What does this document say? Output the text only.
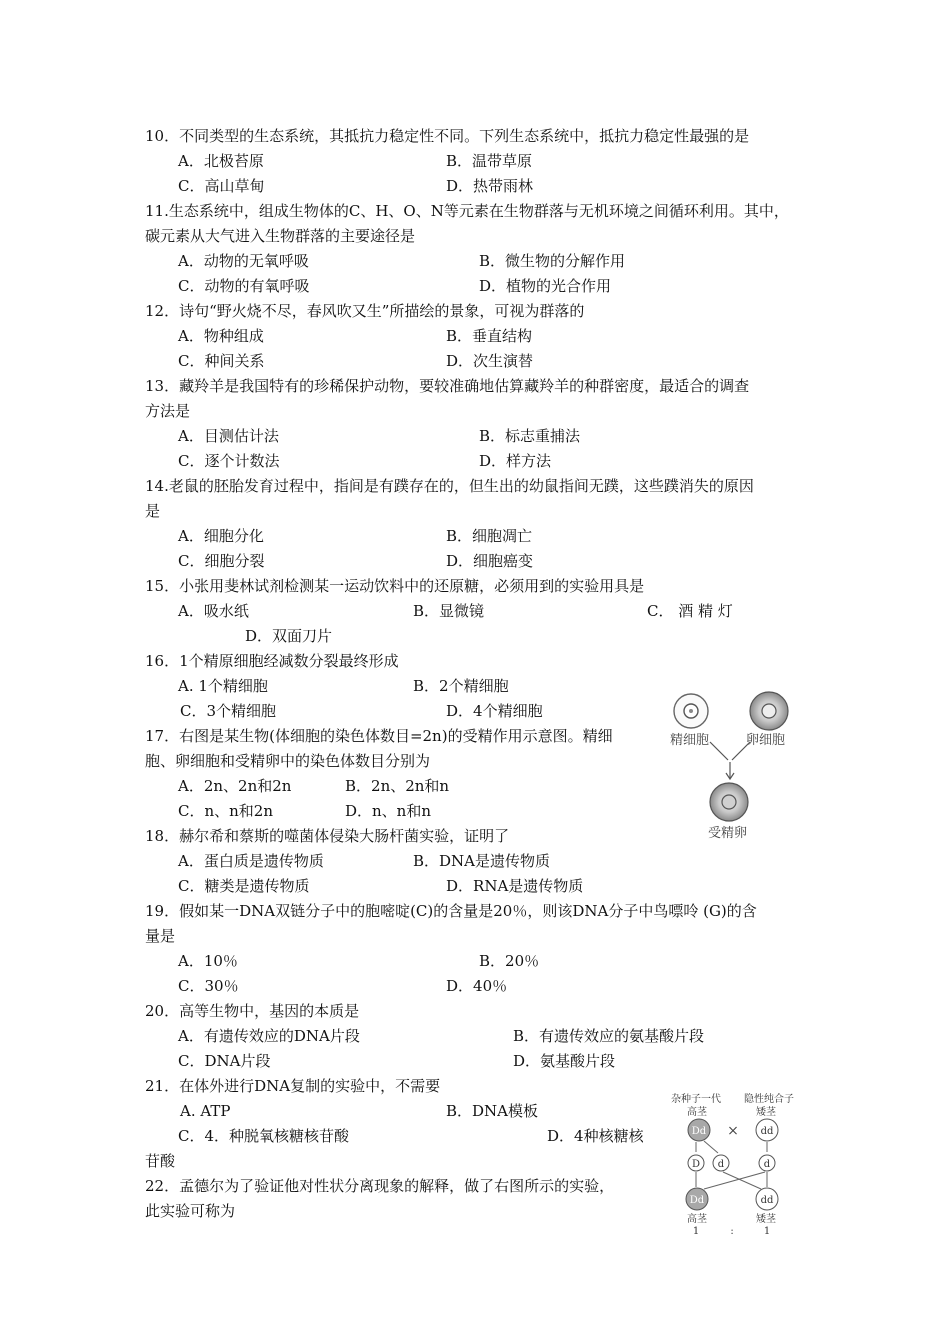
10．不同类型的生态系统，其抵抗力稳定性不同。下列生态系统中，抵抗力稳定性最强的是
A．北极苔原	B．温带草原
C．高山草甸	D．热带雨林
11.生态系统中，组成生物体的C、H、O、N等元素在生物群落与无机环境之间循环利用。其中，
碳元素从大气进入生物群落的主要途径是
A．动物的无氧呼吸	B．微生物的分解作用
C．动物的有氧呼吸	D．植物的光合作用
12．诗句“野火烧不尽，春风吹又生”所描绘的景象，可视为群落的
A．物种组成	B．垂直结构
C．种间关系	D．次生演替
13．藏羚羊是我国特有的珍稀保护动物，要较准确地估算藏羚羊的种群密度，最适合的调查
方法是
A．目测估计法	B．标志重捕法
C．逐个计数法	D．样方法
14.老鼠的胚胎发育过程中，指间是有蹼存在的，但生出的幼鼠指间无蹼，这些蹼消失的原因
是
A．细胞分化	B．细胞凋亡
C．细胞分裂	D．细胞癌变
15．小张用斐林试剂检测某一运动饮料中的还原糖，必须用到的实验用具是
A．吸水纸	B．显微镜	C． 酒 精 灯
D．双面刀片
16．1个精原细胞经减数分裂最终形成
A. 1个精细胞	B．2个精细胞
C．3个精细胞	D．4个精细胞
17．右图是某生物(体细胞的染色体数目=2n)的受精作用示意图。精细
胞、卵细胞和受精卵中的染色体数目分别为
A．2n、2n和2n	B．2n、2n和n
C．n、n和2n	D．n、n和n
18．赫尔希和蔡斯的噬菌体侵染大肠杆菌实验，证明了
A．蛋白质是遗传物质	B．DNA是遗传物质
C．糖类是遗传物质	D．RNA是遗传物质
19．假如某一DNA双链分子中的胞嘧啶(C)的含量是20％，则该DNA分子中鸟嘌呤 (G)的含
量是
A．10％	B．20％
C．30％	D．40％
20．高等生物中，基因的本质是
A．有遗传效应的DNA片段	B．有遗传效应的氨基酸片段
C．DNA片段	D．氨基酸片段
21．在体外进行DNA复制的实验中，不需要
A. ATP	B．DNA模板
C．4．种脱氧核糖核苷酸	D．4种核糖核
苷酸
22．孟德尔为了验证他对性状分离现象的解释，做了右图所示的实验，
此实验可称为
精细胞	卵细胞
受精卵
杂种子一代 隐性纯合子
高茎	矮茎
Dd × dd
D d	d
Dd	dd
高茎	矮茎
1	:	1
